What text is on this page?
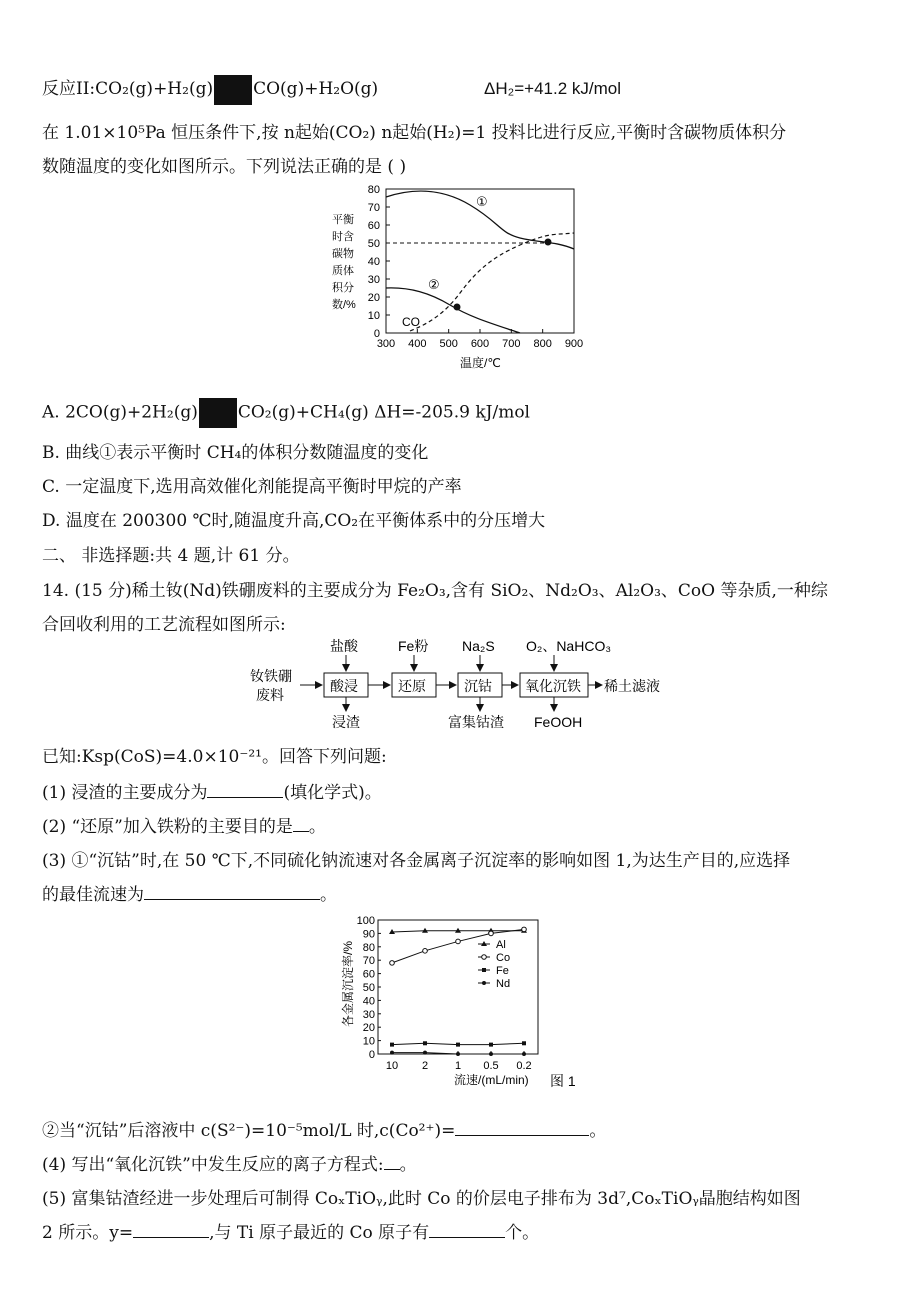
反应II:CO₂(g)+H₂(g) CO(g)+H₂O(g)	ΔH₂=+41.2 kJ/mol
在 1.01×10⁵Pa 恒压条件下,按 n起始(CO₂) n起始(H₂)=1 投料比进行反应,平衡时含碳物质体积分
数随温度的变化如图所示。下列说法正确的是 ( )
平衡
时含
碳物
质体
积分
数/%
0
10
20
30
40
50
60
70
80
300 400 500 600 700 800 900
①
②
CO
温度/℃
A. 2CO(g)+2H₂(g) CO₂(g)+CH₄(g) ΔH=-205.9 kJ/mol
B. 曲线①表示平衡时 CH₄的体积分数随温度的变化
C. 一定温度下,选用高效催化剂能提高平衡时甲烷的产率
D. 温度在 200300 ℃时,随温度升高,CO₂在平衡体系中的分压增大
二、 非选择题:共 4 题,计 61 分。
14. (15 分)稀土钕(Nd)铁硼废料的主要成分为 Fe₂O₃,含有 SiO₂、Nd₂O₃、Al₂O₃、CoO 等杂质,一种综
合回收利用的工艺流程如图所示:
钕铁硼
废料
酸浸	还原	沉钴 氧化沉铁 稀土滤液
盐酸	Fe粉 Na₂S O₂、NaHCO₃
浸渣	富集钴渣 FeOOH
已知:Ksp(CoS)=4.0×10⁻²¹。回答下列问题:
(1) 浸渣的主要成分为	(填化学式)。
(2) “还原”加入铁粉的主要目的是 。
(3) ①“沉钴”时,在 50 ℃下,不同硫化钠流速对各金属离子沉淀率的影响如图 1,为达生产目的,应选择
的最佳流速为	。
各金属沉淀率/%
0
10
20
30
40
50
60
70
80
90
100
10 2 1 0.5 0.2
Al
Co
Fe
Nd
流速/(mL/min) 图 1
②当“沉钴”后溶液中 c(S²⁻)=10⁻⁵mol/L 时,c(Co²⁺)=	。
(4) 写出“氧化沉铁”中发生反应的离子方程式: 。
(5) 富集钴渣经进一步处理后可制得 CoₓTiOᵧ,此时 Co 的价层电子排布为 3d⁷,CoₓTiOᵧ晶胞结构如图
2 所示。y=	,与 Ti 原子最近的 Co 原子有	个。
